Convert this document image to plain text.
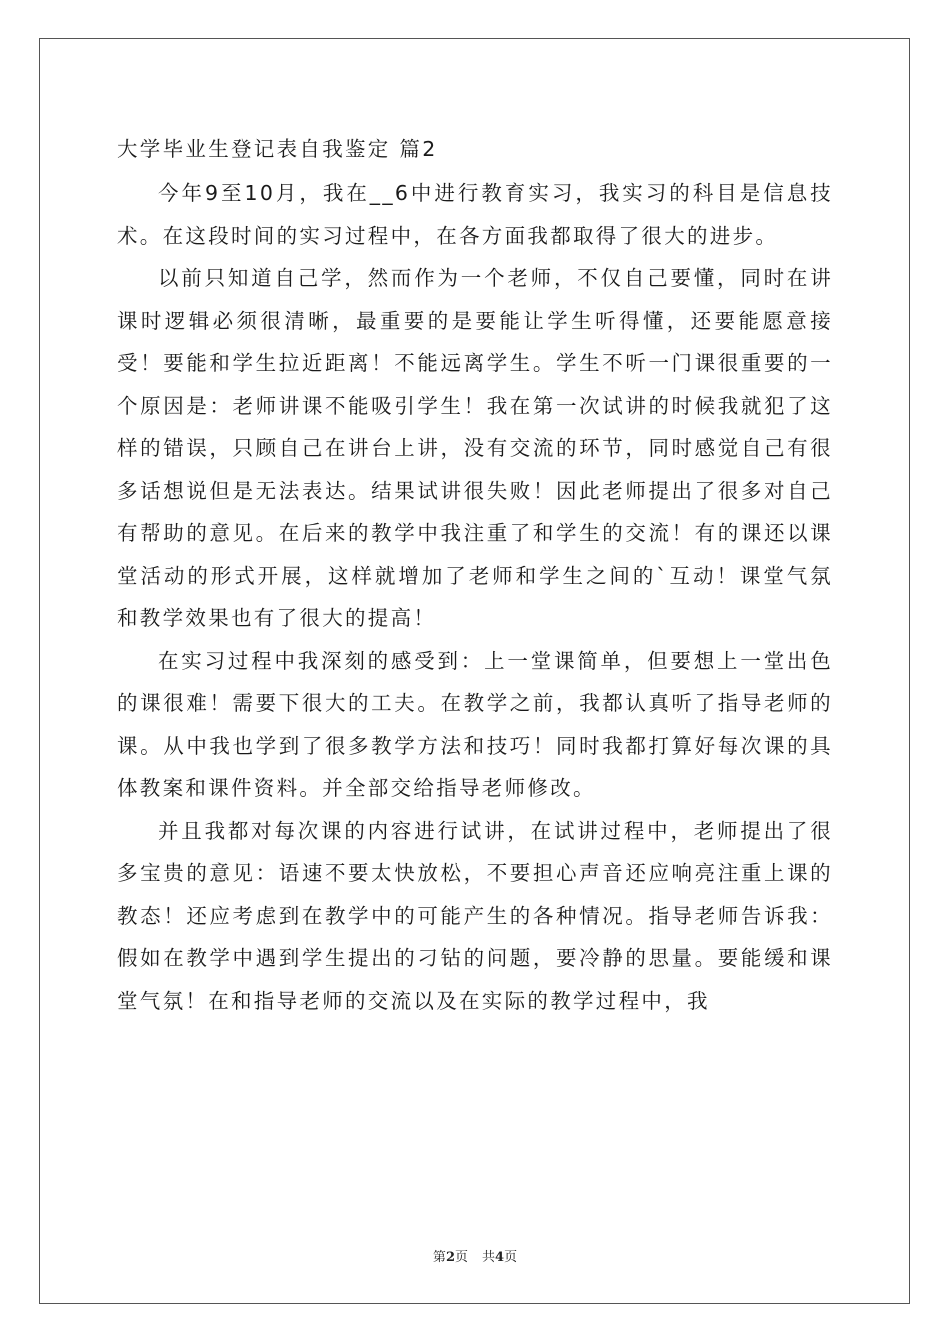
大学毕业生登记表自我鉴定 篇2

今年9至10月，我在__6中进行教育实习，我实习的科目是信息技术。在这段时间的实习过程中，在各方面我都取得了很大的进步。

以前只知道自己学，然而作为一个老师，不仅自己要懂，同时在讲课时逻辑必须很清晰，最重要的是要能让学生听得懂，还要能愿意接受！要能和学生拉近距离！不能远离学生。学生不听一门课很重要的一个原因是：老师讲课不能吸引学生！我在第一次试讲的时候我就犯了这样的错误，只顾自己在讲台上讲，没有交流的环节，同时感觉自己有很多话想说但是无法表达。结果试讲很失败！因此老师提出了很多对自己有帮助的意见。在后来的教学中我注重了和学生的交流！有的课还以课堂活动的形式开展，这样就增加了老师和学生之间的`互动！课堂气氛和教学效果也有了很大的提高！

在实习过程中我深刻的感受到：上一堂课简单，但要想上一堂出色的课很难！需要下很大的工夫。在教学之前，我都认真听了指导老师的课。从中我也学到了很多教学方法和技巧！同时我都打算好每次课的具体教案和课件资料。并全部交给指导老师修改。

并且我都对每次课的内容进行试讲，在试讲过程中，老师提出了很多宝贵的意见：语速不要太快放松，不要担心声音还应响亮注重上课的教态！还应考虑到在教学中的可能产生的各种情况。指导老师告诉我：假如在教学中遇到学生提出的刁钻的问题，要冷静的思量。要能缓和课堂气氛！在和指导老师的交流以及在实际的教学过程中，我

第2页 共4页
